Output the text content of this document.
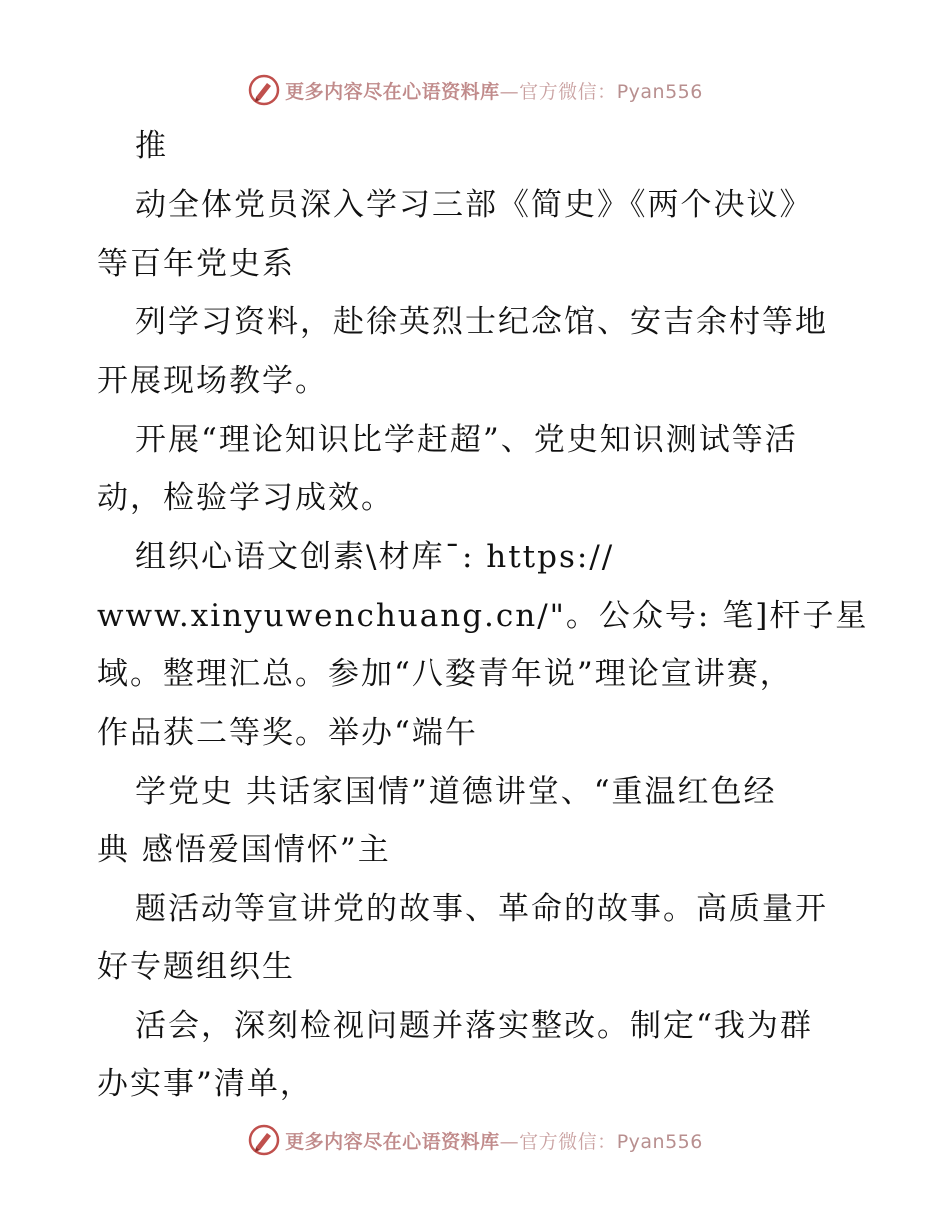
更多内容尽在心语资料库—官方微信：Pyan556
推
动全体党员深入学习三部《简史》《两个决议》
等百年党史系
列学习资料，赴徐英烈士纪念馆、安吉余村等地
开展现场教学。
开展“理论知识比学赶超”、党史知识测试等活
动，检验学习成效。
组织心语文创素\材库¯: https://
www.xinyuwenchuang.cn/"。公众号: 笔]杆子星
域。整理汇总。参加“八婺青年说”理论宣讲赛，
作品获二等奖。举办“端午
学党史 共话家国情”道德讲堂、“重温红色经
典 感悟爱国情怀”主
题活动等宣讲党的故事、革命的故事。高质量开
好专题组织生
活会，深刻检视问题并落实整改。制定“我为群
办实事”清单，
更多内容尽在心语资料库—官方微信：Pyan556
